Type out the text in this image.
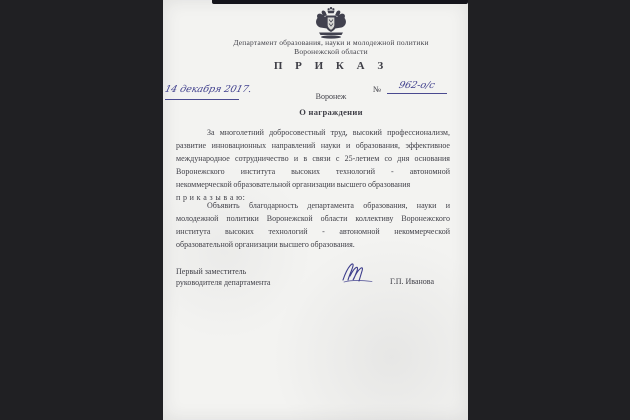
Департамент образования, науки и молодежной политики
Воронежской области
П Р И К А З
14 декабря 2017.	№ 962-о/с
Воронеж
О награждении
За многолетний добросовестный труд, высокий профессионализм,
развитие инновационных направлений науки и образования, эффективное
международное сотрудничество и в связи с 25-летием со дня основания
Воронежского института высоких технологий - автономной
некоммерческой образовательной организации высшего образования
п р и к а з ы в а ю:
Объявить благодарность департамента образования, науки и
молодежной политики Воронежской области коллективу Воронежского
института высоких технологий - автономной некоммерческой
образовательной организации высшего образования.
Первый заместитель
руководителя департамента	Г.П. Иванова
